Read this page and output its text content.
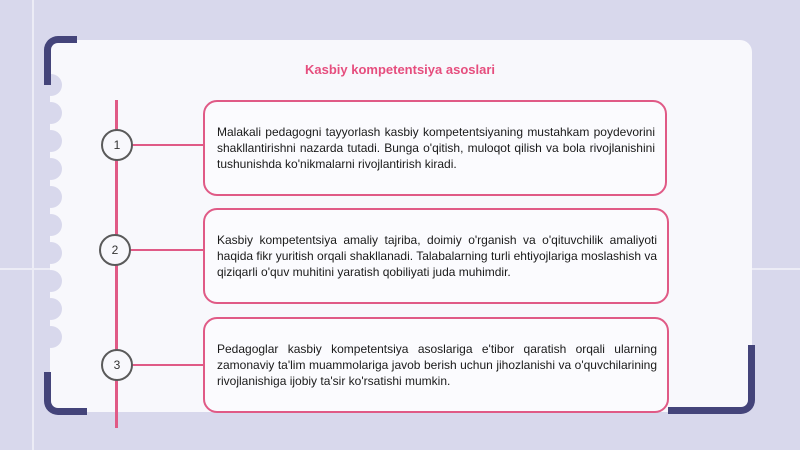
Kasbiy kompetentsiya asoslari
1

Malakali pedagogni tayyorlash kasbiy kompetentsiyaning mustahkam poydevorini shakllantirishni nazarda tutadi. Bunga o'qitish, muloqot qilish va bola rivojlanishini tushunishda ko'nikmalarni rivojlantirish kiradi.

2

Kasbiy kompetentsiya amaliy tajriba, doimiy o'rganish va o'qituvchilik amaliyoti haqida fikr yuritish orqali shakllanadi. Talabalarning turli ehtiyojlariga moslashish va qiziqarli o'quv muhitini yaratish qobiliyati juda muhimdir.

3

Pedagoglar kasbiy kompetentsiya asoslariga e'tibor qaratish orqali ularning zamonaviy ta'lim muammolariga javob berish uchun jihozlanishi va o'quvchilarining rivojlanishiga ijobiy ta'sir ko'rsatishi mumkin.
